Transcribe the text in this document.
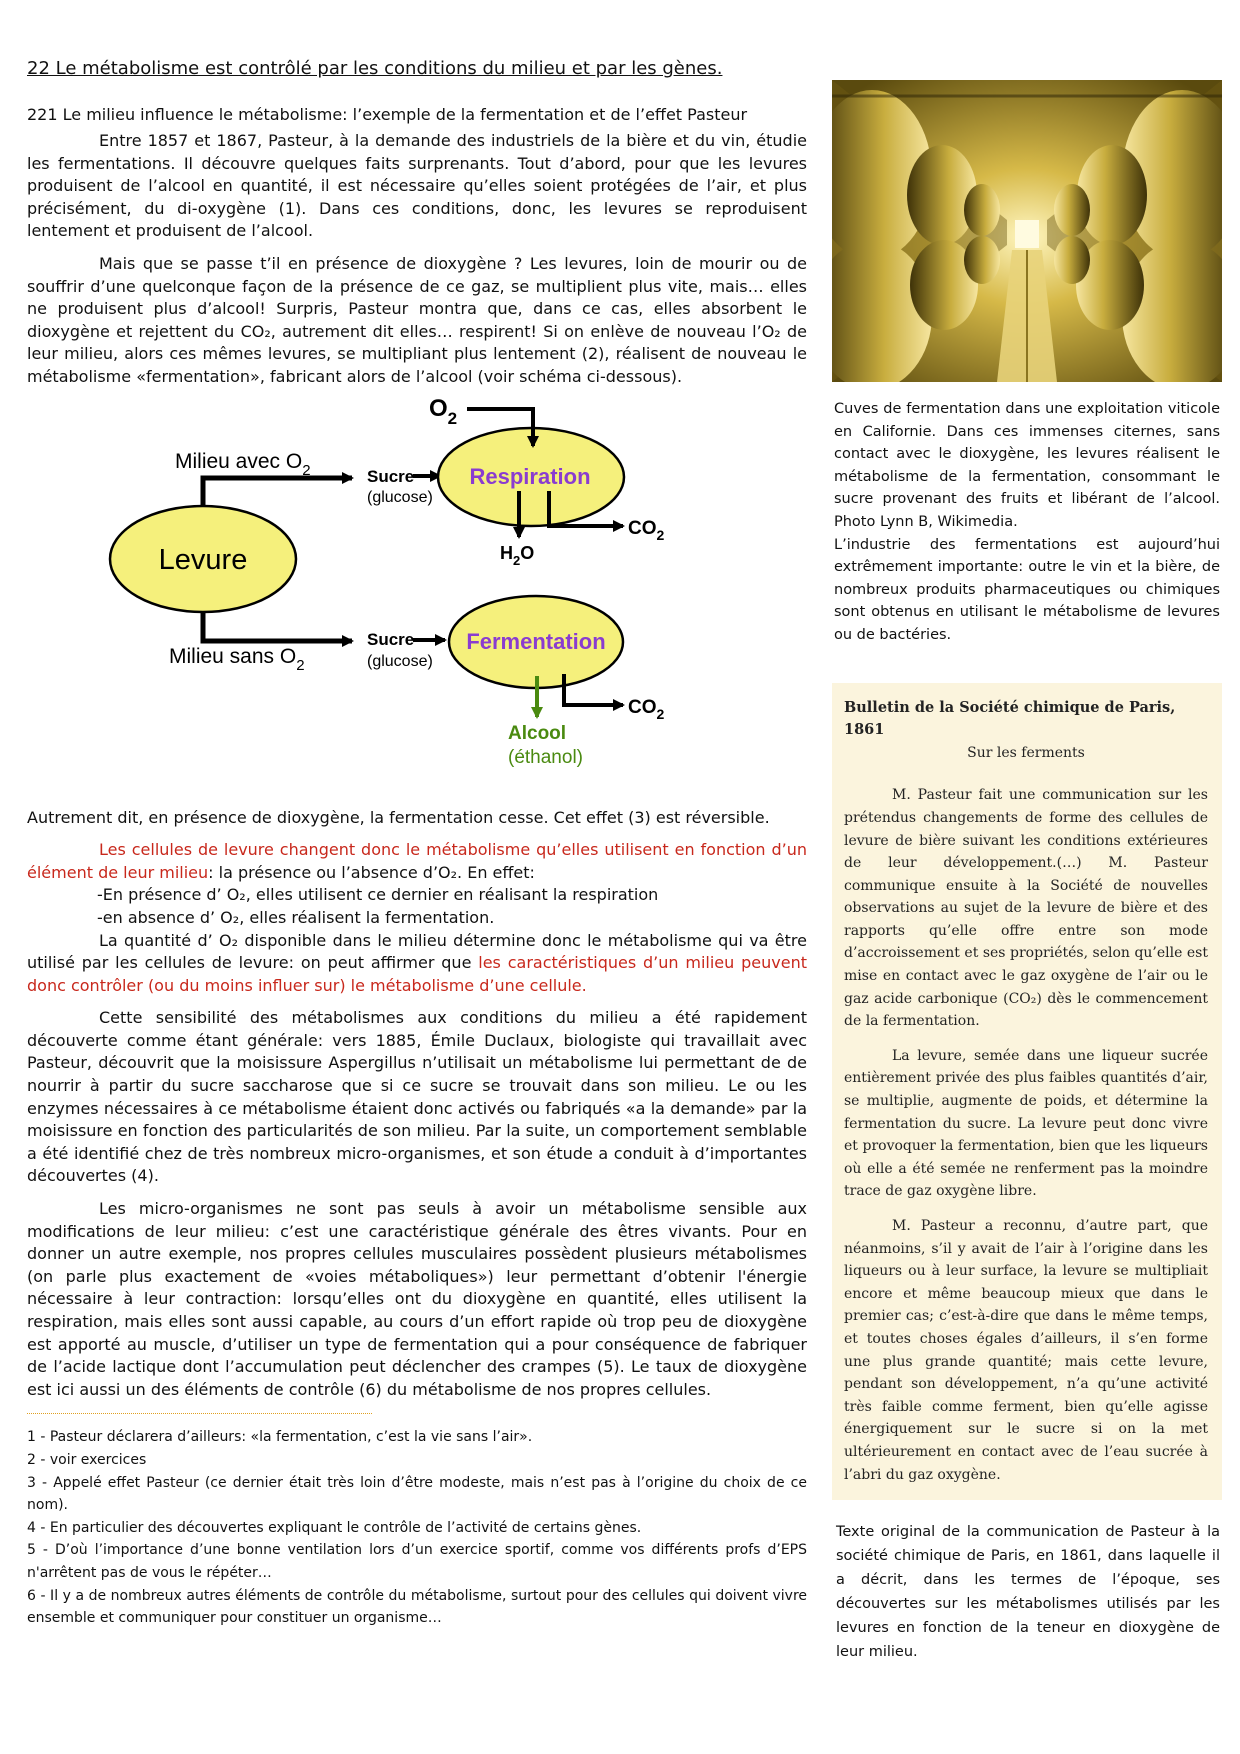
22 Le métabolisme est contrôlé par les conditions du milieu et par les gènes.

221 Le milieu influence le métabolisme: l’exemple de la fermentation et de l’effet Pasteur

Entre 1857 et 1867, Pasteur, à la demande des industriels de la bière et du vin, étudie les fermentations. Il découvre quelques faits surprenants. Tout d’abord, pour que les levures produisent de l’alcool en quantité, il est nécessaire qu’elles soient protégées de l’air, et plus précisément, du di-oxygène (1). Dans ces conditions, donc, les levures se reproduisent lentement et produisent de l’alcool.

Mais que se passe t’il en présence de dioxygène ? Les levures, loin de mourir ou de souffrir d’une quelconque façon de la présence de ce gaz, se multiplient plus vite, mais… elles ne produisent plus d’alcool! Surpris, Pasteur montra que, dans ce cas, elles absorbent le dioxygène et rejettent du CO₂, autrement dit elles… respirent! Si on enlève de nouveau l’O₂ de leur milieu, alors ces mêmes levures, se multipliant plus lentement (2), réalisent de nouveau le métabolisme «fermentation», fabricant alors de l’alcool (voir schéma ci-dessous).

Levure
Milieu avec $O_2$	Sucre
(glucose)
Respiration
$O_2$
$H_2O$
$CO_2$
Milieu sans $O_2$
Sucre
(glucose)
Fermentation
Alcool
(éthanol)
$CO_2$

Autrement dit, en présence de dioxygène, la fermentation cesse. Cet effet (3) est réversible.

Les cellules de levure changent donc le métabolisme qu’elles utilisent en fonction d’un élément de leur milieu: la présence ou l’absence d’O₂. En effet:

-En présence d’ O₂, elles utilisent ce dernier en réalisant la respiration

-en absence d’ O₂, elles réalisent la fermentation.

La quantité d’ O₂ disponible dans le milieu détermine donc le métabolisme qui va être utilisé par les cellules de levure: on peut affirmer que les caractéristiques d’un milieu peuvent donc contrôler (ou du moins influer sur) le métabolisme d’une cellule.

Cette sensibilité des métabolismes aux conditions du milieu a été rapidement découverte comme étant générale: vers 1885, Émile Duclaux, biologiste qui travaillait avec Pasteur, découvrit que la moisissure Aspergillus n’utilisait un métabolisme lui permettant de de nourrir à partir du sucre saccharose que si ce sucre se trouvait dans son milieu. Le ou les enzymes nécessaires à ce métabolisme étaient donc activés ou fabriqués «a la demande» par la moisissure en fonction des particularités de son milieu. Par la suite, un comportement semblable a été identifié chez de très nombreux micro-organismes, et son étude a conduit à d’importantes découvertes (4).

Les micro-organismes ne sont pas seuls à avoir un métabolisme sensible aux modifications de leur milieu: c’est une caractéristique générale des êtres vivants. Pour en donner un autre exemple, nos propres cellules musculaires possèdent plusieurs métabolismes (on parle plus exactement de «voies métaboliques») leur permettant d’obtenir l'énergie nécessaire à leur contraction: lorsqu’elles ont du dioxygène en quantité, elles utilisent la respiration, mais elles sont aussi capable, au cours d’un effort rapide où trop peu de dioxygène est apporté au muscle, d’utiliser un type de fermentation qui a pour conséquence de fabriquer de l’acide lactique dont l’accumulation peut déclencher des crampes (5). Le taux de dioxygène est ici aussi un des éléments de contrôle (6) du métabolisme de nos propres cellules.

1 - Pasteur déclarera d’ailleurs: «la fermentation, c’est la vie sans l’air».

2 - voir exercices

3 - Appelé effet Pasteur (ce dernier était très loin d’être modeste, mais n’est pas à l’origine du choix de ce nom).

4 - En particulier des découvertes expliquant le contrôle de l’activité de certains gènes.

5 - D’où l’importance d’une bonne ventilation lors d’un exercice sportif, comme vos différents profs d’EPS n'arrêtent pas de vous le répéter…

6 - Il y a de nombreux autres éléments de contrôle du métabolisme, surtout pour des cellules qui doivent vivre ensemble et communiquer pour constituer un organisme…

Cuves de fermentation dans une exploitation viticole en Californie. Dans ces immenses citernes, sans contact avec le dioxygène, les levures réalisent le métabolisme de la fermentation, consommant le sucre provenant des fruits et libérant de l’alcool. Photo Lynn B, Wikimedia.

L’industrie des fermentations est aujourd’hui extrêmement importante: outre le vin et la bière, de nombreux produits pharmaceutiques ou chimiques sont obtenus en utilisant le métabolisme de levures ou de bactéries.

Bulletin de la Société chimique de Paris, 1861

Sur les ferments

M. Pasteur fait une communication sur les prétendus changements de forme des cellules de levure de bière suivant les conditions extérieures de leur développement.(…) M. Pasteur communique ensuite à la Société de nouvelles observations au sujet de la levure de bière et des rapports qu’elle offre entre son mode d’accroissement et ses propriétés, selon qu’elle est mise en contact avec le gaz oxygène de l’air ou le gaz acide carbonique (CO₂) dès le commencement de la fermentation.

La levure, semée dans une liqueur sucrée entièrement privée des plus faibles quantités d’air, se multiplie, augmente de poids, et détermine la fermentation du sucre. La levure peut donc vivre et provoquer la fermentation, bien que les liqueurs où elle a été semée ne renferment pas la moindre trace de gaz oxygène libre.

M. Pasteur a reconnu, d’autre part, que néanmoins, s’il y avait de l’air à l’origine dans les liqueurs ou à leur surface, la levure se multipliait encore et même beaucoup mieux que dans le premier cas; c’est-à-dire que dans le même temps, et toutes choses égales d’ailleurs, il s’en forme une plus grande quantité; mais cette levure, pendant son développement, n’a qu’une activité très faible comme ferment, bien qu’elle agisse énergiquement sur le sucre si on la met ultérieurement en contact avec de l’eau sucrée à l’abri du gaz oxygène.

Texte original de la communication de Pasteur à la société chimique de Paris, en 1861, dans laquelle il a décrit, dans les termes de l’époque, ses découvertes sur les métabolismes utilisés par les levures en fonction de la teneur en dioxygène de leur milieu.
